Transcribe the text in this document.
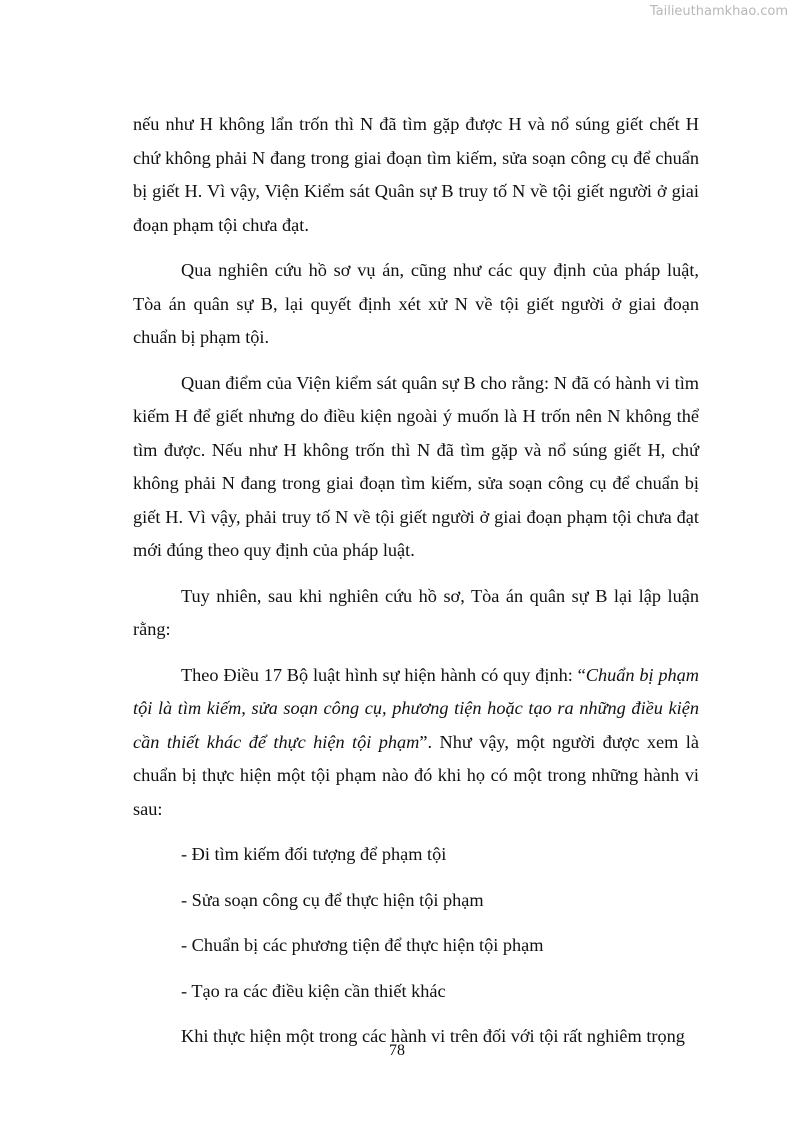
Tailieuthamkhao.com

nếu như H không lẩn trốn thì N đã tìm gặp được H và nổ súng giết chết H chứ không phải N đang trong giai đoạn tìm kiếm, sửa soạn công cụ để chuẩn bị giết H. Vì vậy, Viện Kiểm sát Quân sự B truy tố N về tội giết người ở giai đoạn phạm tội chưa đạt.

Qua nghiên cứu hồ sơ vụ án, cũng như các quy định của pháp luật, Tòa án quân sự B, lại quyết định xét xử N về tội giết người ở giai đoạn chuẩn bị phạm tội.

Quan điểm của Viện kiểm sát quân sự B cho rằng: N đã có hành vi tìm kiếm H để giết nhưng do điều kiện ngoài ý muốn là H trốn nên N không thể tìm được. Nếu như H không trốn thì N đã tìm gặp và nổ súng giết H, chứ không phải N đang trong giai đoạn tìm kiếm, sửa soạn công cụ để chuẩn bị giết H. Vì vậy, phải truy tố N về tội giết người ở giai đoạn phạm tội chưa đạt mới đúng theo quy định của pháp luật.

Tuy nhiên, sau khi nghiên cứu hồ sơ, Tòa án quân sự B lại lập luận rằng:

Theo Điều 17 Bộ luật hình sự hiện hành có quy định: “Chuẩn bị phạm tội là tìm kiếm, sửa soạn công cụ, phương tiện hoặc tạo ra những điều kiện cần thiết khác để thực hiện tội phạm”. Như vậy, một người được xem là chuẩn bị thực hiện một tội phạm nào đó khi họ có một trong những hành vi sau:

- Đi tìm kiếm đối tượng để phạm tội

- Sửa soạn công cụ để thực hiện tội phạm

- Chuẩn bị các phương tiện để thực hiện tội phạm

- Tạo ra các điều kiện cần thiết khác

Khi thực hiện một trong các hành vi trên đối với tội rất nghiêm trọng

78
